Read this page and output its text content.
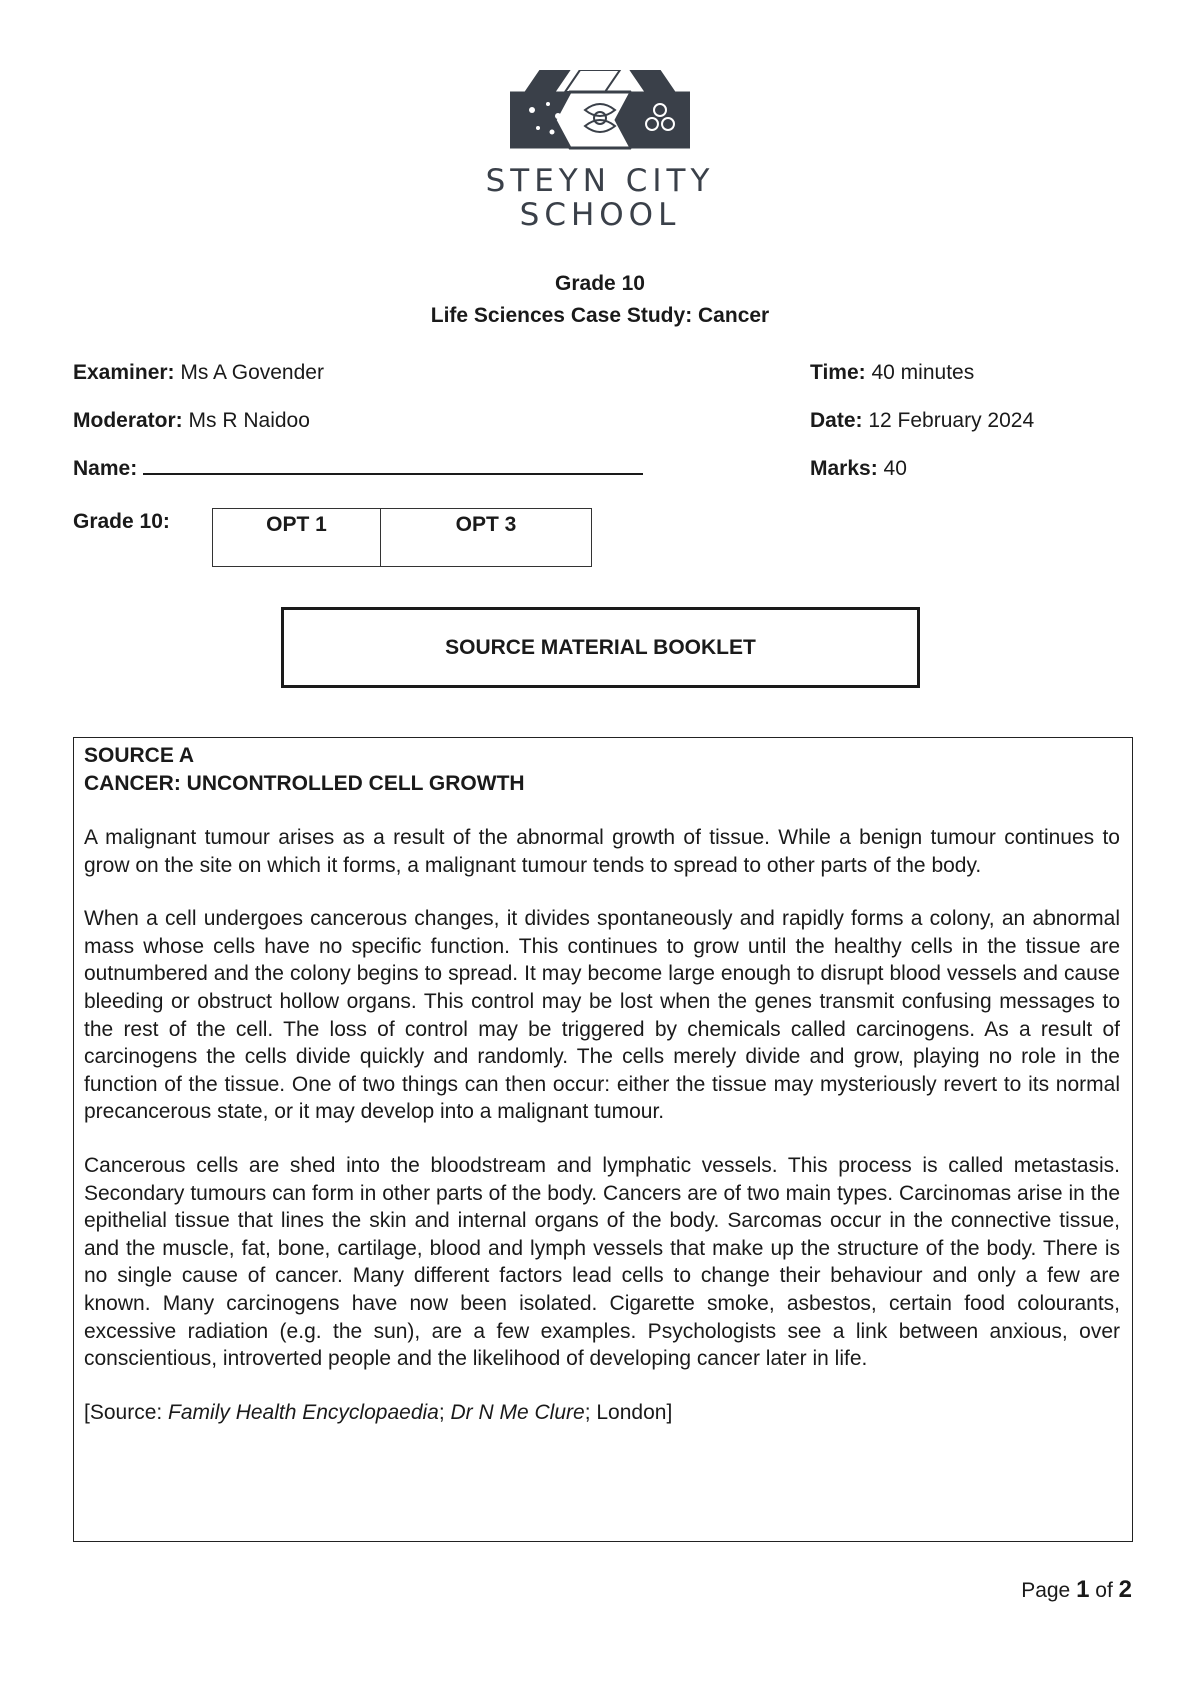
STEYN CITY
SCHOOL
Grade 10
Life Sciences Case Study: Cancer
Examiner: Ms A Govender
Moderator: Ms R Naidoo
Name:
Grade 10:
Time: 40 minutes
Date: 12 February 2024
Marks: 40
OPT 1	OPT 3
SOURCE MATERIAL BOOKLET
SOURCE A
CANCER: UNCONTROLLED CELL GROWTH

A malignant tumour arises as a result of the abnormal growth of tissue. While a benign tumour continues to grow on the site on which it forms, a malignant tumour tends to spread to other parts of the body.

When a cell undergoes cancerous changes, it divides spontaneously and rapidly forms a colony, an abnormal mass whose cells have no specific function. This continues to grow until the healthy cells in the tissue are outnumbered and the colony begins to spread. It may become large enough to disrupt blood vessels and cause bleeding or obstruct hollow organs. This control may be lost when the genes transmit confusing messages to the rest of the cell. The loss of control may be triggered by chemicals called carcinogens. As a result of carcinogens the cells divide quickly and randomly. The cells merely divide and grow, playing no role in the function of the tissue. One of two things can then occur: either the tissue may mysteriously revert to its normal precancerous state, or it may develop into a malignant tumour.

Cancerous cells are shed into the bloodstream and lymphatic vessels. This process is called metastasis. Secondary tumours can form in other parts of the body. Cancers are of two main types. Carcinomas arise in the epithelial tissue that lines the skin and internal organs of the body. Sarcomas occur in the connective tissue, and the muscle, fat, bone, cartilage, blood and lymph vessels that make up the structure of the body. There is no single cause of cancer. Many different factors lead cells to change their behaviour and only a few are known. Many carcinogens have now been isolated. Cigarette smoke, asbestos, certain food colourants, excessive radiation (e.g. the sun), are a few examples. Psychologists see a link between anxious, over conscientious, introverted people and the likelihood of developing cancer later in life.

[Source: Family Health Encyclopaedia; Dr N Me Clure; London]

Page 1 of 2
